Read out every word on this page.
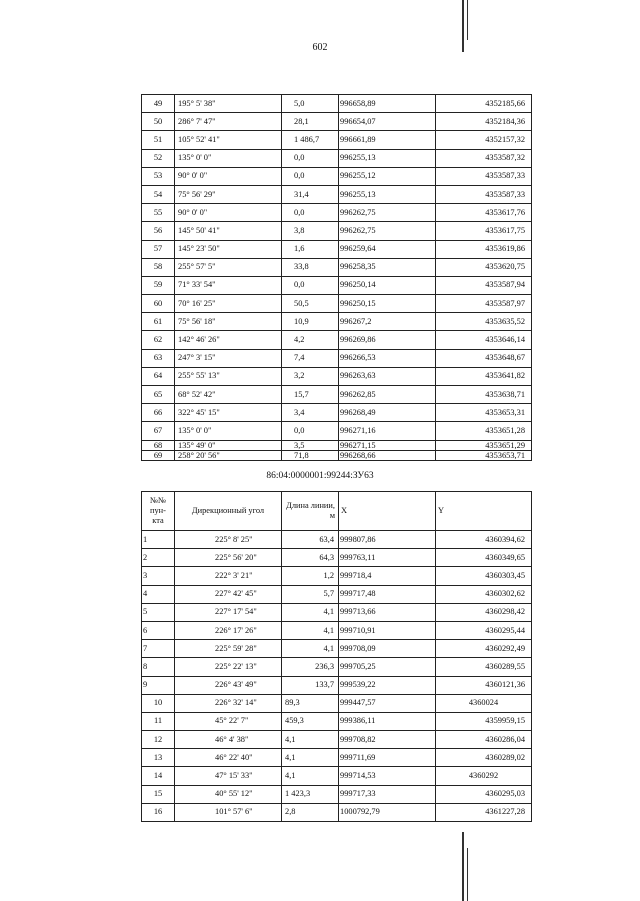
602
49	195° 5' 38"	5,0	996658,89	4352185,66
50	286° 7' 47"	28,1	996654,07	4352184,36
51	105° 52' 41"	1 486,7	996661,89	4352157,32
52	135° 0' 0"	0,0	996255,13	4353587,32
53	90° 0' 0"	0,0	996255,12	4353587,33
54	75° 56' 29"	31,4	996255,13	4353587,33
55	90° 0' 0"	0,0	996262,75	4353617,76
56	145° 50' 41"	3,8	996262,75	4353617,75
57	145° 23' 50"	1,6	996259,64	4353619,86
58	255° 57' 5"	33,8	996258,35	4353620,75
59	71° 33' 54"	0,0	996250,14	4353587,94
60	70° 16' 25"	50,5	996250,15	4353587,97
61	75° 56' 18"	10,9	996267,2	4353635,52
62	142° 46' 26"	4,2	996269,86	4353646,14
63	247° 3' 15"	7,4	996266,53	4353648,67
64	255° 55' 13"	3,2	996263,63	4353641,82
65	68° 52' 42"	15,7	996262,85	4353638,71
66	322° 45' 15"	3,4	996268,49	4353653,31
67	135° 0' 0"	0,0	996271,16	4353651,28
68	135° 49' 0"	3,5	996271,15	4353651,29
69	258° 20' 56"	71,8	996268,66	4353653,71
86:04:0000001:99244:ЗУ63
№№ пун-кта	Дирекционный угол	Длина линии, м	X	Y
1	225° 8' 25"	63,4	999807,86	4360394,62
2	225° 56' 20"	64,3	999763,11	4360349,65
3	222° 3' 21"	1,2	999718,4	4360303,45
4	227° 42' 45"	5,7	999717,48	4360302,62
5	227° 17' 54"	4,1	999713,66	4360298,42
6	226° 17' 26"	4,1	999710,91	4360295,44
7	225° 59' 28"	4,1	999708,09	4360292,49
8	225° 22' 13"	236,3	999705,25	4360289,55
9	226° 43' 49"	133,7	999539,22	4360121,36
10	226° 32' 14"	89,3	999447,57	4360024
11	45° 22' 7"	459,3	999386,11	4359959,15
12	46° 4' 38"	4,1	999708,82	4360286,04
13	46° 22' 40"	4,1	999711,69	4360289,02
14	47° 15' 33"	4,1	999714,53	4360292
15	40° 55' 12"	1 423,3	999717,33	4360295,03
16	101° 57' 6"	2,8	1000792,79	4361227,28
